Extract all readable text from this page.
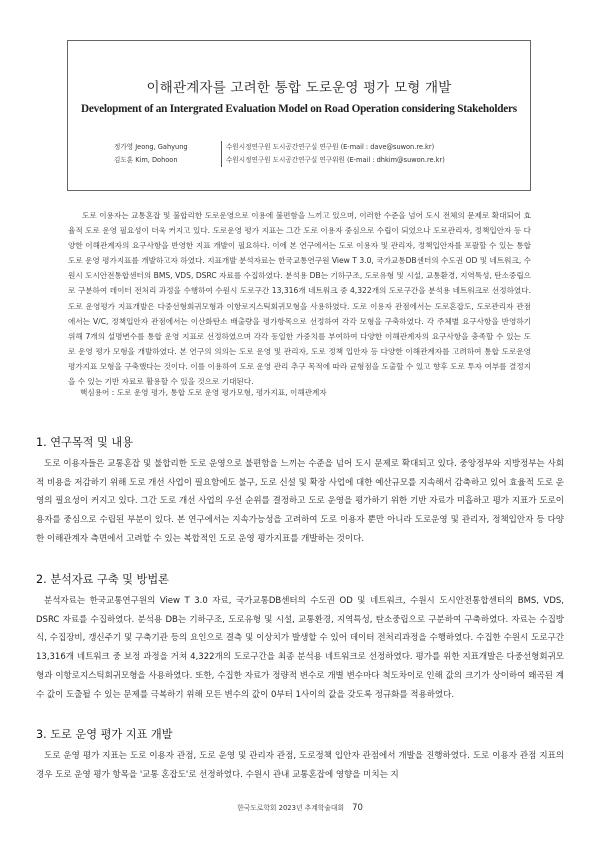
이해관계자를 고려한 통합 도로운영 평가 모형 개발
Development of an Intergrated Evaluation Model on Road Operation considering Stakeholders
정가영 Jeong, Gahyung	수원시정연구원 도시공간연구실 연구원 (E-mail : dave@suwon.re.kr)
김도훈 Kim, Dohoon	수원시정연구원 도시공간연구실 연구위원 (E-mail : dhkim@suwon.re.kr)
도로 이용자는 교통혼잡 및 불합리한 도로운영으로 이용에 불편함을 느끼고 있으며, 이러한 수준을 넘어 도시 전체의 문제로 확대되어 효율적 도로 운영 필요성이 더욱 커지고 있다. 도로운영 평가 지표는 그간 도로 이용자 중심으로 수립이 되었으나 도로관리자, 정책입안자 등 다양한 이해관계자의 요구사항을 반영한 지표 개발이 필요하다. 이에 본 연구에서는 도로 이용자 및 관리자, 정책입안자를 포괄할 수 있는 통합 도로 운영 평가지표를 개발하고자 하였다. 지표개발 분석자료는 한국교통연구원 View T 3.0, 국가교통DB센터의 수도권 OD 및 네트워크, 수원시 도시안전통합센터의 BMS, VDS, DSRC 자료를 수집하였다. 분석용 DB는 기하구조, 도로유형 및 시설, 교통환경, 지역특성, 탄소중립으로 구분하여 데이터 전처리 과정을 수행하여 수원시 도로구간 13,316개 네트워크 중 4,322개의 도로구간을 분석용 네트워크로 선정하였다. 도로 운영평가 지표개발은 다중선형회귀모형과 이항로지스틱회귀모형을 사용하였다. 도로 이용자 관점에서는 도로혼잡도, 도로관리자 관점에서는 V/C, 정책입안자 관점에서는 이산화탄소 배출량을 평가항목으로 선정하여 각각 모형을 구축하였다. 각 주체별 요구사항을 반영하기 위해 7개의 설명변수를 통합 운영 지표로 선정하였으며 각각 동일한 가중치를 부여하여 다양한 이해관계자의 요구사항을 충족할 수 있는 도로 운영 평가 모형을 개발하였다. 본 연구의 의의는 도로 운영 및 관리자, 도로 정책 입안자 등 다양한 이해관계자를 고려하여 통합 도로운영 평가지표 모형을 구축했다는 것이다. 이를 이용하여 도로 운영 관리 추구 목적에 따라 균형점을 도출할 수 있고 향후 도로 투자 여부를 결정지을 수 있는 기반 자료로 활용할 수 있을 것으로 기대된다.
핵심용어 : 도로 운영 평가, 통합 도로 운영 평가모형, 평가지표, 이해관계자
1. 연구목적 및 내용
도로 이용자들은 교통혼잡 및 불합리한 도로 운영으로 불편함을 느끼는 수준을 넘어 도시 문제로 확대되고 있다. 중앙정부와 지방정부는 사회적 비용을 저감하기 위해 도로 개선 사업이 필요함에도 불구, 도로 신설 및 확장 사업에 대한 예산규모를 지속해서 감축하고 있어 효율적 도로 운영의 필요성이 커지고 있다. 그간 도로 개선 사업의 우선 순위를 결정하고 도로 운영을 평가하기 위한 기반 자료가 미흡하고 평가 지표가 도로이용자를 중심으로 수립된 부분이 있다. 본 연구에서는 지속가능성을 고려하여 도로 이용자 뿐만 아니라 도로운영 및 관리자, 정책입안자 등 다양한 이해관계자 측면에서 고려할 수 있는 복합적인 도로 운영 평가지표를 개발하는 것이다.
2. 분석자료 구축 및 방법론
분석자료는 한국교통연구원의 View T 3.0 자료, 국가교통DB센터의 수도권 OD 및 네트워크, 수원시 도시안전통합센터의 BMS, VDS, DSRC 자료를 수집하였다. 분석용 DB는 기하구조, 도로유형 및 시설, 교통환경, 지역특성, 탄소중립으로 구분하여 구축하였다. 자료는 수집방식, 수집장비, 갱신주기 및 구축기관 등의 요인으로 결측 및 이상치가 발생할 수 있어 데이터 전처리과정을 수행하였다. 수집한 수원시 도로구간 13,316개 네트워크 중 보정 과정을 거쳐 4,322개의 도로구간을 최종 분석용 네트워크로 선정하였다. 평가를 위한 지표개발은 다중선형회귀모형과 이항로지스틱회귀모형을 사용하였다. 또한, 수집한 자료가 정량적 변수로 개별 변수마다 척도차이로 인해 값의 크기가 상이하여 왜곡된 계수 값이 도출될 수 있는 문제를 극복하기 위해 모든 변수의 값이 0부터 1사이의 값을 갖도록 정규화를 적용하였다.
3. 도로 운영 평가 지표 개발
도로 운영 평가 지표는 도로 이용자 관점, 도로 운영 및 관리자 관점, 도로정책 입안자 관점에서 개발을 진행하였다. 도로 이용자 관점 지표의 경우 도로 운영 평가 항목을 '교통 혼잡도'로 선정하였다. 수원시 관내 교통혼잡에 영향을 미치는 지
한국도로학회 2023년 추계학술대회 70
